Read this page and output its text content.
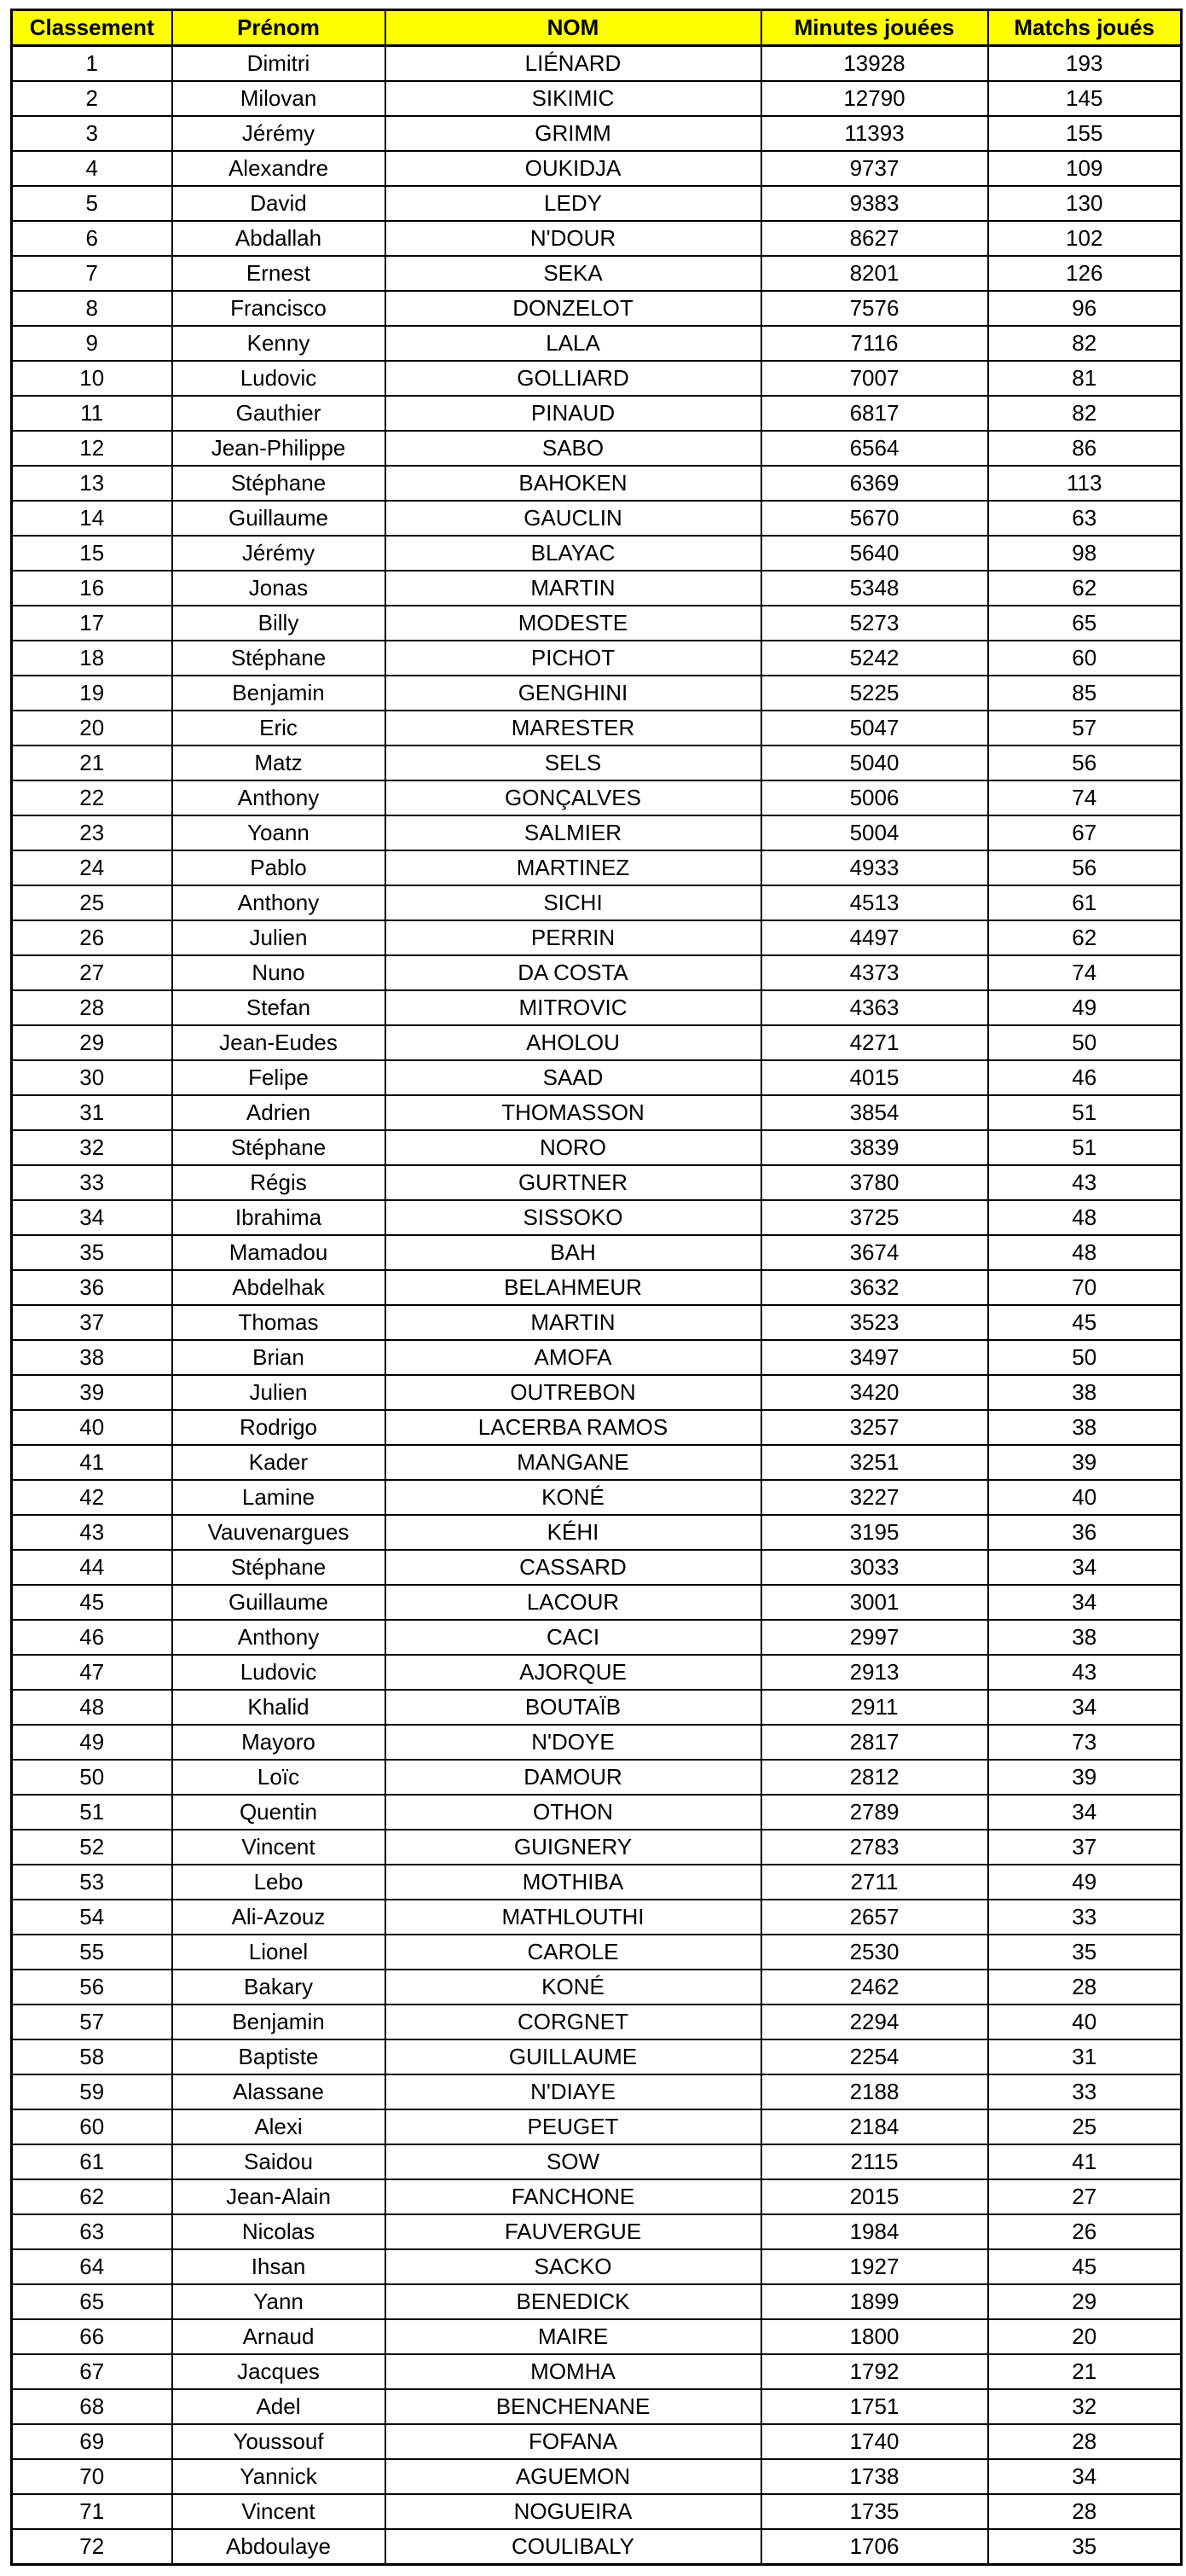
Classement	Prénom	NOM	Minutes jouées	Matchs joués
1	Dimitri	LIÉNARD	13928	193
2	Milovan	SIKIMIC	12790	145
3	Jérémy	GRIMM	11393	155
4	Alexandre	OUKIDJA	9737	109
5	David	LEDY	9383	130
6	Abdallah	N'DOUR	8627	102
7	Ernest	SEKA	8201	126
8	Francisco	DONZELOT	7576	96
9	Kenny	LALA	7116	82
10	Ludovic	GOLLIARD	7007	81
11	Gauthier	PINAUD	6817	82
12	Jean-Philippe	SABO	6564	86
13	Stéphane	BAHOKEN	6369	113
14	Guillaume	GAUCLIN	5670	63
15	Jérémy	BLAYAC	5640	98
16	Jonas	MARTIN	5348	62
17	Billy	MODESTE	5273	65
18	Stéphane	PICHOT	5242	60
19	Benjamin	GENGHINI	5225	85
20	Eric	MARESTER	5047	57
21	Matz	SELS	5040	56
22	Anthony	GONÇALVES	5006	74
23	Yoann	SALMIER	5004	67
24	Pablo	MARTINEZ	4933	56
25	Anthony	SICHI	4513	61
26	Julien	PERRIN	4497	62
27	Nuno	DA COSTA	4373	74
28	Stefan	MITROVIC	4363	49
29	Jean-Eudes	AHOLOU	4271	50
30	Felipe	SAAD	4015	46
31	Adrien	THOMASSON	3854	51
32	Stéphane	NORO	3839	51
33	Régis	GURTNER	3780	43
34	Ibrahima	SISSOKO	3725	48
35	Mamadou	BAH	3674	48
36	Abdelhak	BELAHMEUR	3632	70
37	Thomas	MARTIN	3523	45
38	Brian	AMOFA	3497	50
39	Julien	OUTREBON	3420	38
40	Rodrigo	LACERBA RAMOS	3257	38
41	Kader	MANGANE	3251	39
42	Lamine	KONÉ	3227	40
43	Vauvenargues	KÉHI	3195	36
44	Stéphane	CASSARD	3033	34
45	Guillaume	LACOUR	3001	34
46	Anthony	CACI	2997	38
47	Ludovic	AJORQUE	2913	43
48	Khalid	BOUTAÏB	2911	34
49	Mayoro	N'DOYE	2817	73
50	Loïc	DAMOUR	2812	39
51	Quentin	OTHON	2789	34
52	Vincent	GUIGNERY	2783	37
53	Lebo	MOTHIBA	2711	49
54	Ali-Azouz	MATHLOUTHI	2657	33
55	Lionel	CAROLE	2530	35
56	Bakary	KONÉ	2462	28
57	Benjamin	CORGNET	2294	40
58	Baptiste	GUILLAUME	2254	31
59	Alassane	N'DIAYE	2188	33
60	Alexi	PEUGET	2184	25
61	Saidou	SOW	2115	41
62	Jean-Alain	FANCHONE	2015	27
63	Nicolas	FAUVERGUE	1984	26
64	Ihsan	SACKO	1927	45
65	Yann	BENEDICK	1899	29
66	Arnaud	MAIRE	1800	20
67	Jacques	MOMHA	1792	21
68	Adel	BENCHENANE	1751	32
69	Youssouf	FOFANA	1740	28
70	Yannick	AGUEMON	1738	34
71	Vincent	NOGUEIRA	1735	28
72	Abdoulaye	COULIBALY	1706	35
